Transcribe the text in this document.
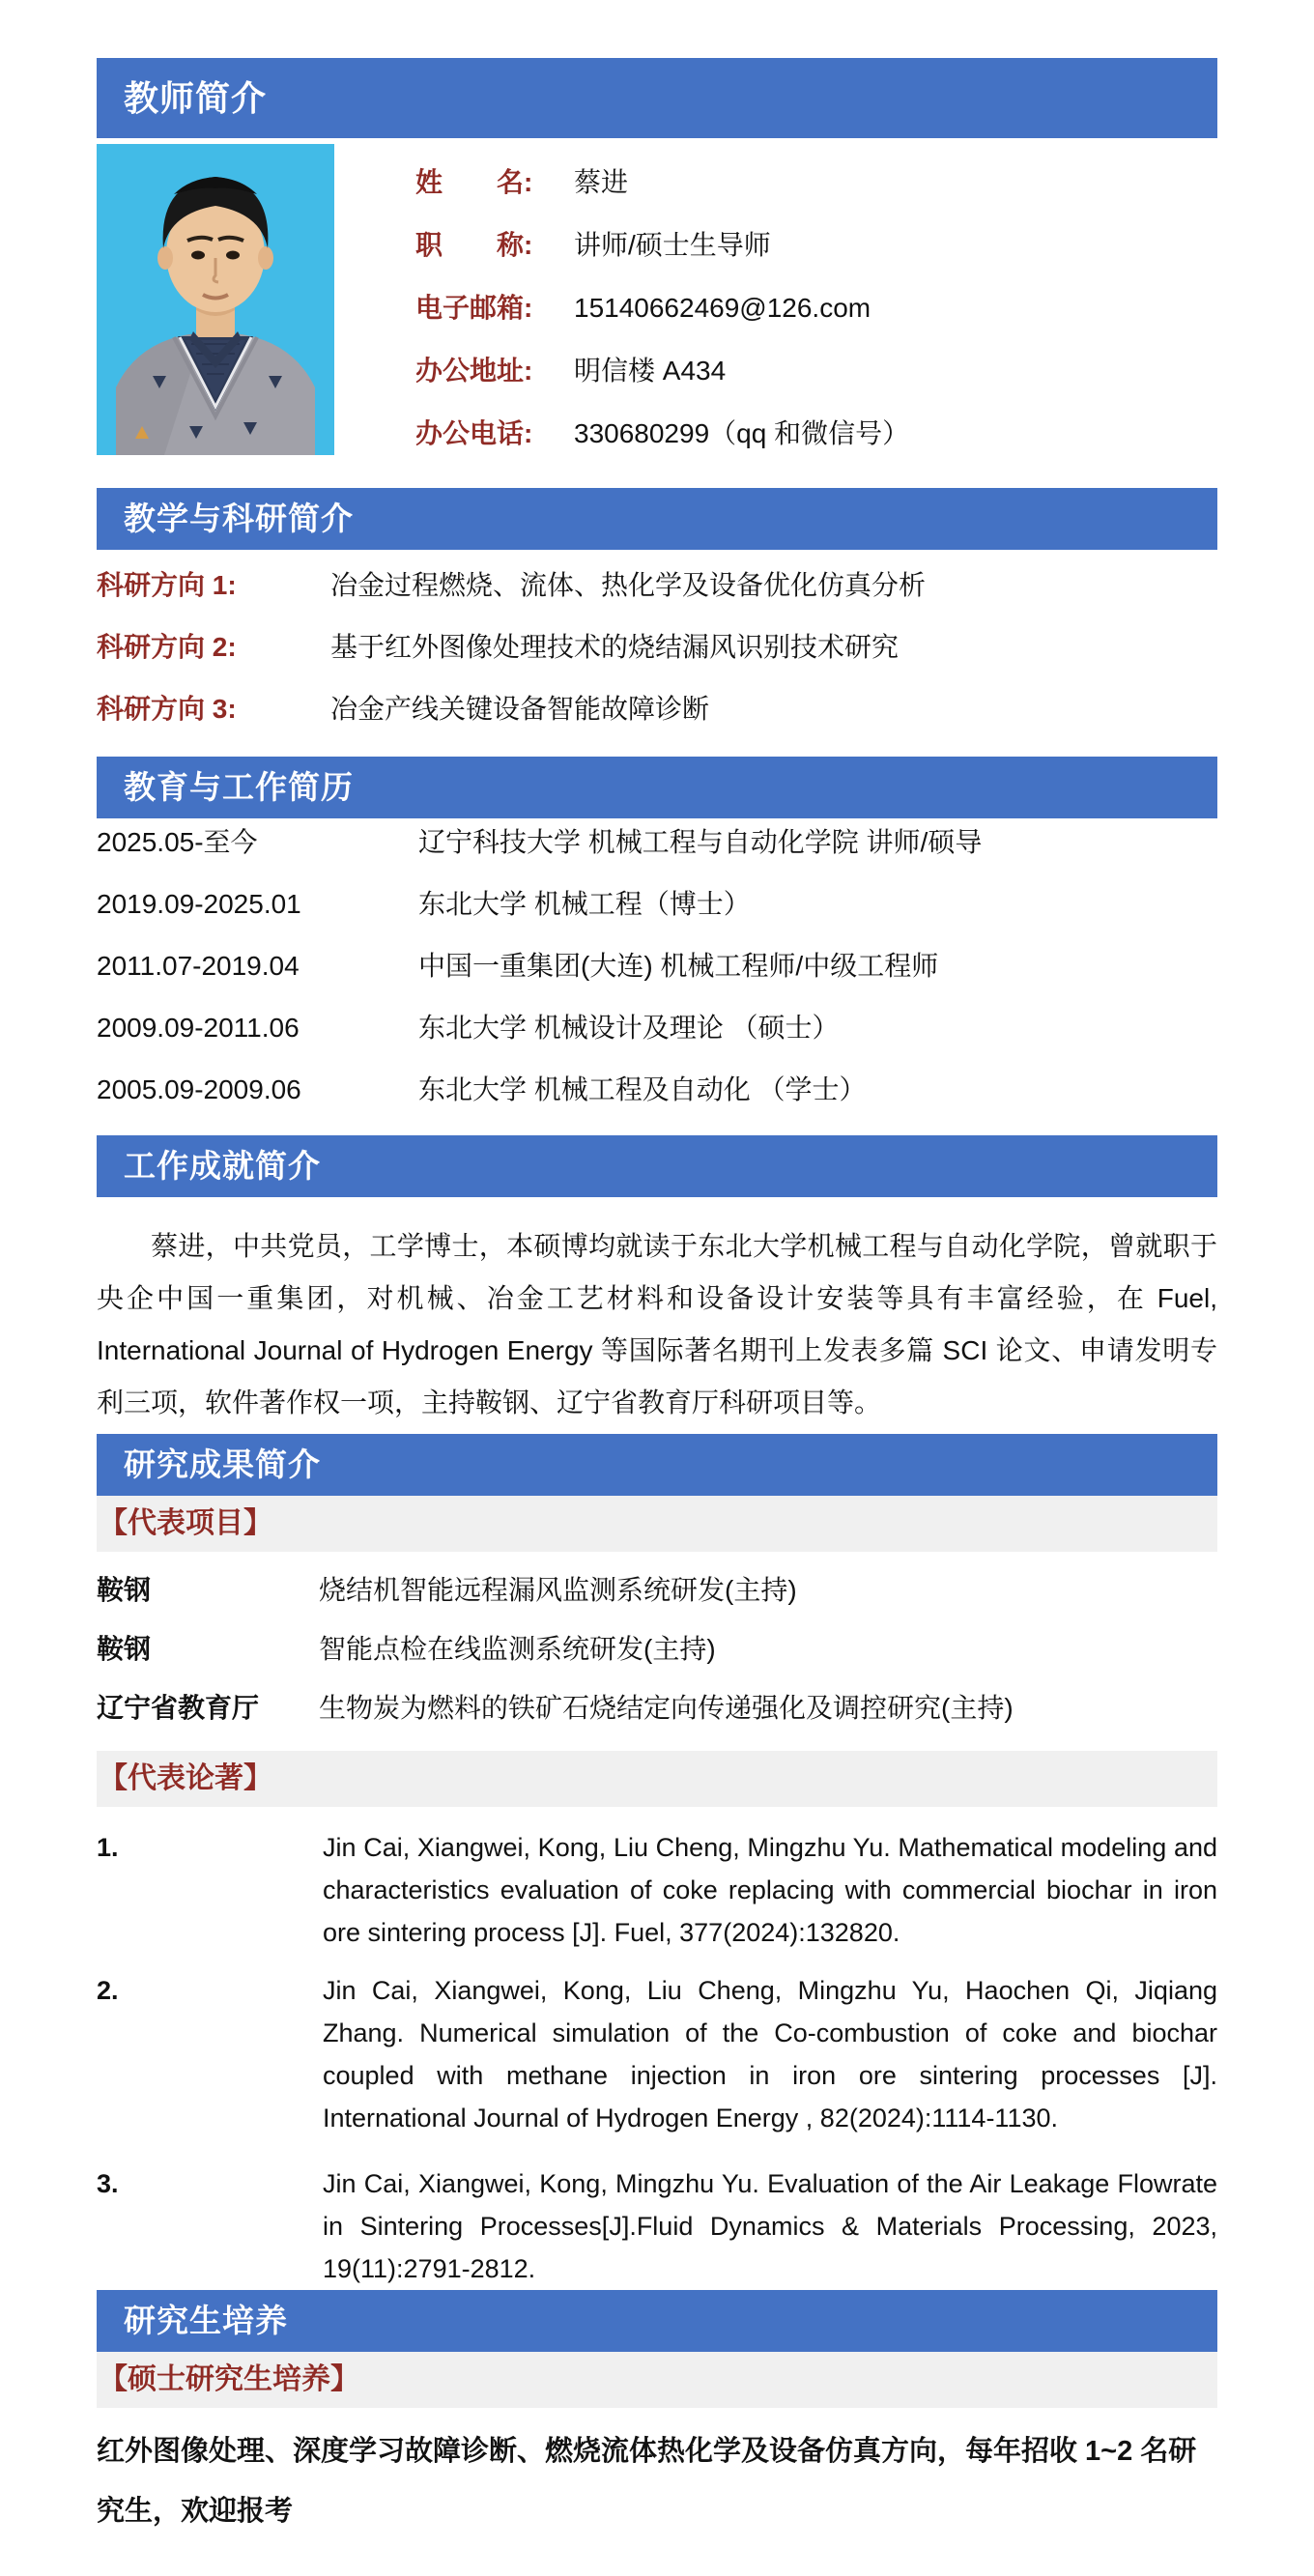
教师简介
姓　　名: 蔡进
职　　称: 讲师/硕士生导师
电子邮箱: 15140662469@126.com
办公地址: 明信楼 A434
办公电话: 330680299（qq 和微信号）
教学与科研简介
科研方向 1:	冶金过程燃烧、流体、热化学及设备优化仿真分析
科研方向 2:	基于红外图像处理技术的烧结漏风识别技术研究
科研方向 3:	冶金产线关键设备智能故障诊断
教育与工作简历
2025.05-至今	辽宁科技大学 机械工程与自动化学院 讲师/硕导
2019.09-2025.01	东北大学 机械工程（博士）
2011.07-2019.04	中国一重集团(大连) 机械工程师/中级工程师
2009.09-2011.06	东北大学 机械设计及理论 （硕士）
2005.09-2009.06	东北大学 机械工程及自动化 （学士）
工作成就简介
蔡进，中共党员，工学博士，本硕博均就读于东北大学机械工程与自动化学院，曾就职于央企中国一重集团，对机械、冶金工艺材料和设备设计安装等具有丰富经验，在 Fuel, International Journal of Hydrogen Energy 等国际著名期刊上发表多篇 SCI 论文、申请发明专利三项，软件著作权一项，主持鞍钢、辽宁省教育厅科研项目等。
研究成果简介
【代表项目】
鞍钢	烧结机智能远程漏风监测系统研发(主持)
鞍钢	智能点检在线监测系统研发(主持)
辽宁省教育厅	生物炭为燃料的铁矿石烧结定向传递强化及调控研究(主持)
【代表论著】
1.	Jin Cai, Xiangwei, Kong, Liu Cheng, Mingzhu Yu. Mathematical modeling and characteristics evaluation of coke replacing with commercial biochar in iron ore sintering process [J]. Fuel, 377(2024):132820.
2.	Jin Cai, Xiangwei, Kong, Liu Cheng, Mingzhu Yu, Haochen Qi, Jiqiang Zhang. Numerical simulation of the Co-combustion of coke and biochar coupled with methane injection in iron ore sintering processes [J]. International Journal of Hydrogen Energy , 82(2024):1114-1130.
3.	Jin Cai, Xiangwei, Kong, Mingzhu Yu. Evaluation of the Air Leakage Flowrate in Sintering Processes[J].Fluid Dynamics & Materials Processing, 2023, 19(11):2791-2812.
研究生培养
【硕士研究生培养】
红外图像处理、深度学习故障诊断、燃烧流体热化学及设备仿真方向，每年招收 1~2 名研究生，欢迎报考
